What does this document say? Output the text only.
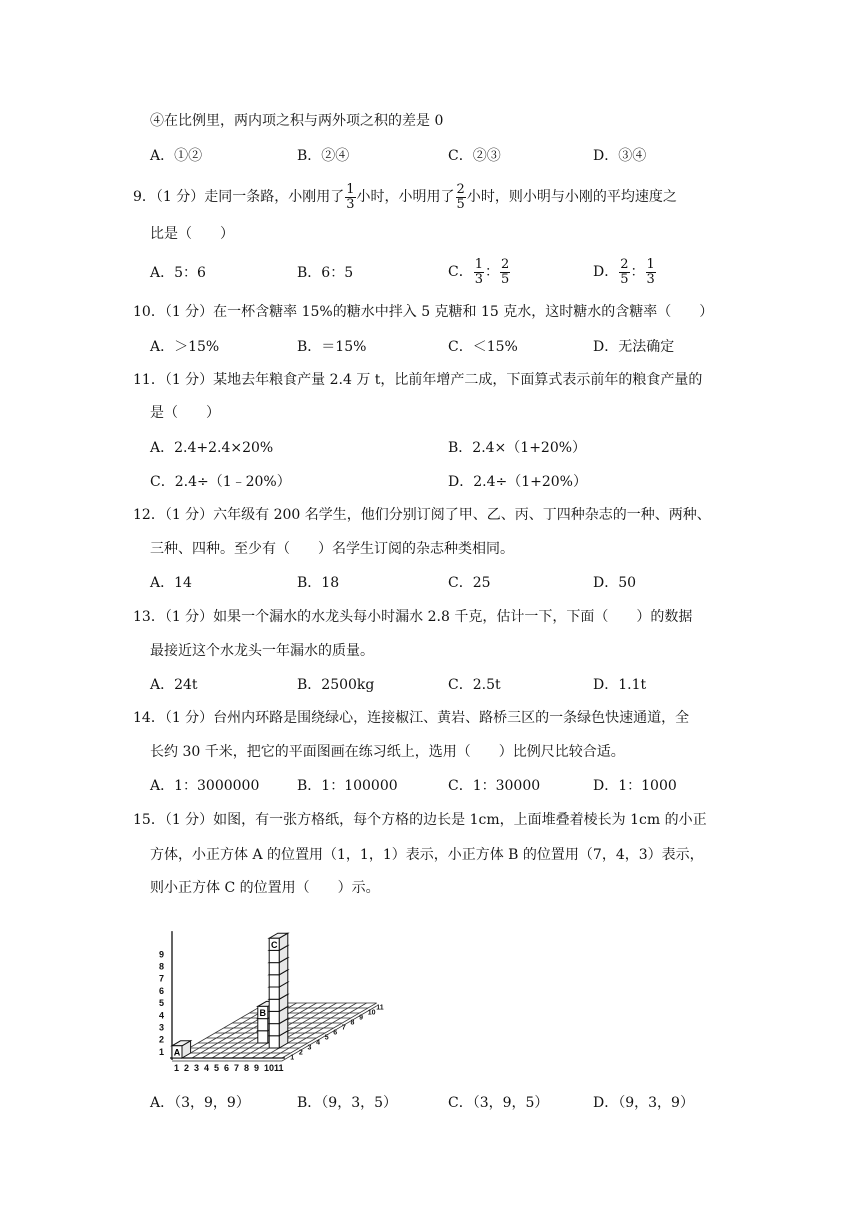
④在比例里，两内项之积与两外项之积的差是 0
A．①②	B．②④	C．②③	D．③④
9．（1 分）走同一条路，小刚用了 $\frac{1}{3}$ 小时，小明用了 $\frac{2}{5}$ 小时，则小明与小刚的平均速度之
比是（　　）
A．5：6	B．6：5	C． $\frac{1}{3}$ ： $\frac{2}{5}$	D． $\frac{2}{5}$ ： $\frac{1}{3}$
10．（1 分）在一杯含糖率 15%的糖水中拌入 5 克糖和 15 克水，这时糖水的含糖率（　　）
A．＞15%	B．＝15%	C．＜15%	D．无法确定
11．（1 分）某地去年粮食产量 2.4 万 t，比前年增产二成，下面算式表示前年的粮食产量的
是（　　）
A．2.4+2.4×20%	B．2.4×（1+20%）
C．2.4÷（1﹣20%）	D．2.4÷（1+20%）
12．（1 分）六年级有 200 名学生，他们分别订阅了甲、乙、丙、丁四种杂志的一种、两种、
三种、四种。至少有（　　）名学生订阅的杂志种类相同。
A．14	B．18	C．25	D．50
13．（1 分）如果一个漏水的水龙头每小时漏水 2.8 千克，估计一下，下面（　　）的数据
最接近这个水龙头一年漏水的质量。
A．24t	B．2500kg	C．2.5t	D．1.1t
14．（1 分）台州内环路是围绕绿心，连接椒江、黄岩、路桥三区的一条绿色快速通道，全
长约 30 千米，把它的平面图画在练习纸上，选用（　　）比例尺比较合适。
A．1：3000000	B．1：100000	C．1：30000	D．1：1000
15．（1 分）如图，有一张方格纸，每个方格的边长是 1cm，上面堆叠着棱长为 1cm 的小正
方体，小正方体 A 的位置用（1，1，1）表示，小正方体 B 的位置用（7，4，3）表示，
则小正方体 C 的位置用（　　）示。
A
B
C
1
2
3
4
5
6
7
8
9
1 2 3 4 5 6 7 8 9 10 11
1
2
3
4
5
6
7
8
9
10
11
A．（3，9，9）	B．（9，3，5）	C．（3，9，5）	D．（9，3，9）
